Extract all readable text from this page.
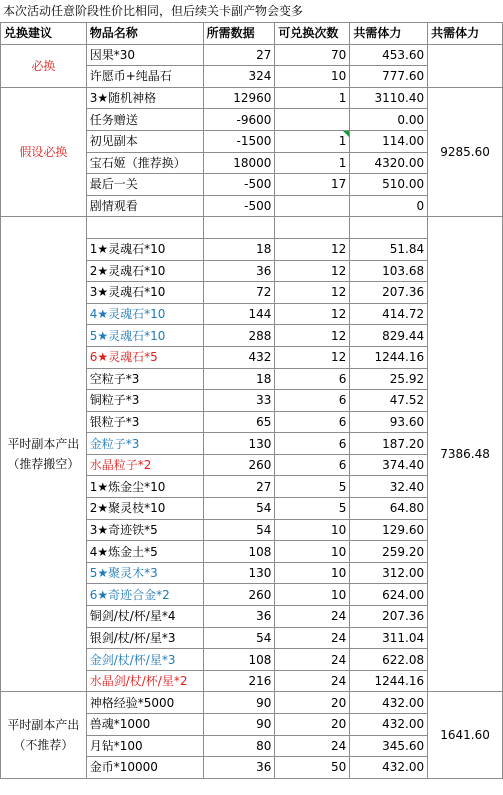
本次活动任意阶段性价比相同，但后续关卡副产物会变多
兑换建议	物品名称	所需数据	可兑换次数	共需体力	共需体力
必换	因果*30	27	70	453.60	
	许愿币+纯晶石	324	10	777.60	
假设必换	3★随机神格	12960	1	3110.40	9285.60
	任务赠送	-9600		0.00	
	初见副本	-1500	1	114.00	
	宝石姬（推荐换）	18000	1	4320.00	
	最后一关	-500	17	510.00	
	剧情观看	-500		0	
平时副本产出（推荐搬空）					7386.48
	1★灵魂石*10	18	12	51.84	
	2★灵魂石*10	36	12	103.68	
	3★灵魂石*10	72	12	207.36	
	4★灵魂石*10	144	12	414.72	
	5★灵魂石*10	288	12	829.44	
	6★灵魂石*5	432	12	1244.16	
	空粒子*3	18	6	25.92	
	铜粒子*3	33	6	47.52	
	银粒子*3	65	6	93.60	
	金粒子*3	130	6	187.20	
	水晶粒子*2	260	6	374.40	
	1★炼金尘*10	27	5	32.40	
	2★聚灵枝*10	54	5	64.80	
	3★奇迹铁*5	54	10	129.60	
	4★炼金土*5	108	10	259.20	
	5★聚灵木*3	130	10	312.00	
	6★奇迹合金*2	260	10	624.00	
	铜剑/杖/杯/星*4	36	24	207.36	
	银剑/杖/杯/星*3	54	24	311.04	
	金剑/杖/杯/星*3	108	24	622.08	
	水晶剑/杖/杯/星*2	216	24	1244.16	
平时副本产出（不推荐）	神格经验*5000	90	20	432.00	1641.60
	兽魂*1000	90	20	432.00	
	月钻*100	80	24	345.60	
	金币*10000	36	50	432.00	
